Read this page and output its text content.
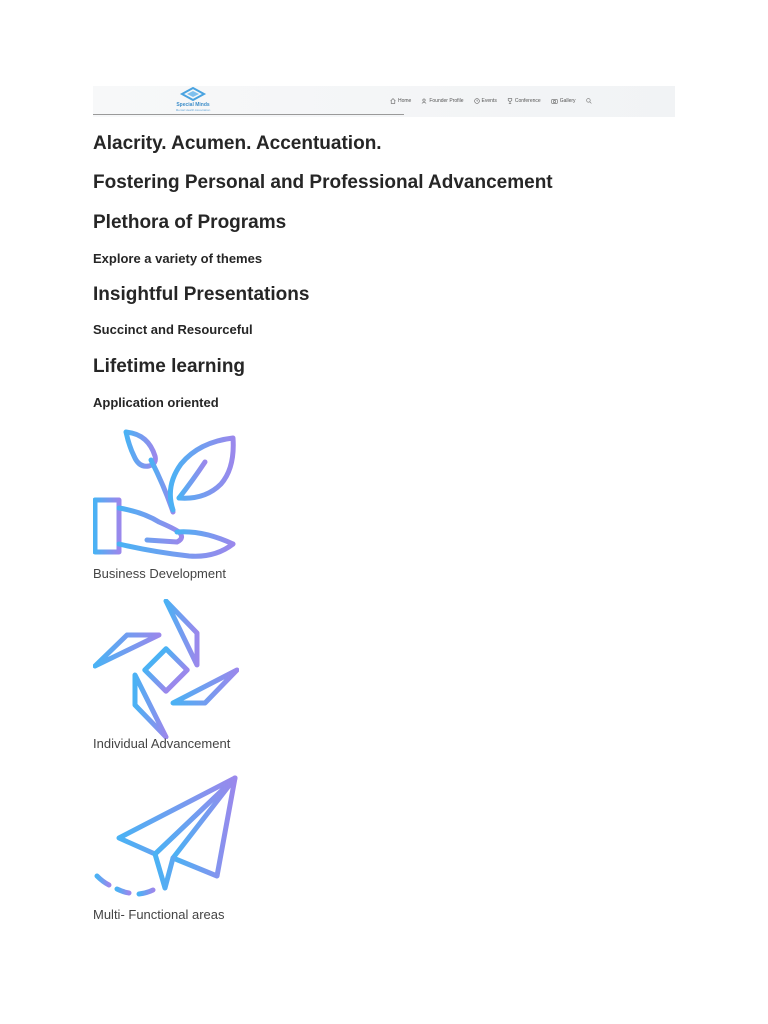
Special Minds
Mental Health Association
Home	Founder Profile	Events	Conference	Gallery
Alacrity. Acumen. Accentuation.
Fostering Personal and Professional Advancement
Plethora of Programs
Explore a variety of themes
Insightful Presentations
Succinct and Resourceful
Lifetime learning
Application oriented
Business Development
Individual Advancement
Multi- Functional areas
